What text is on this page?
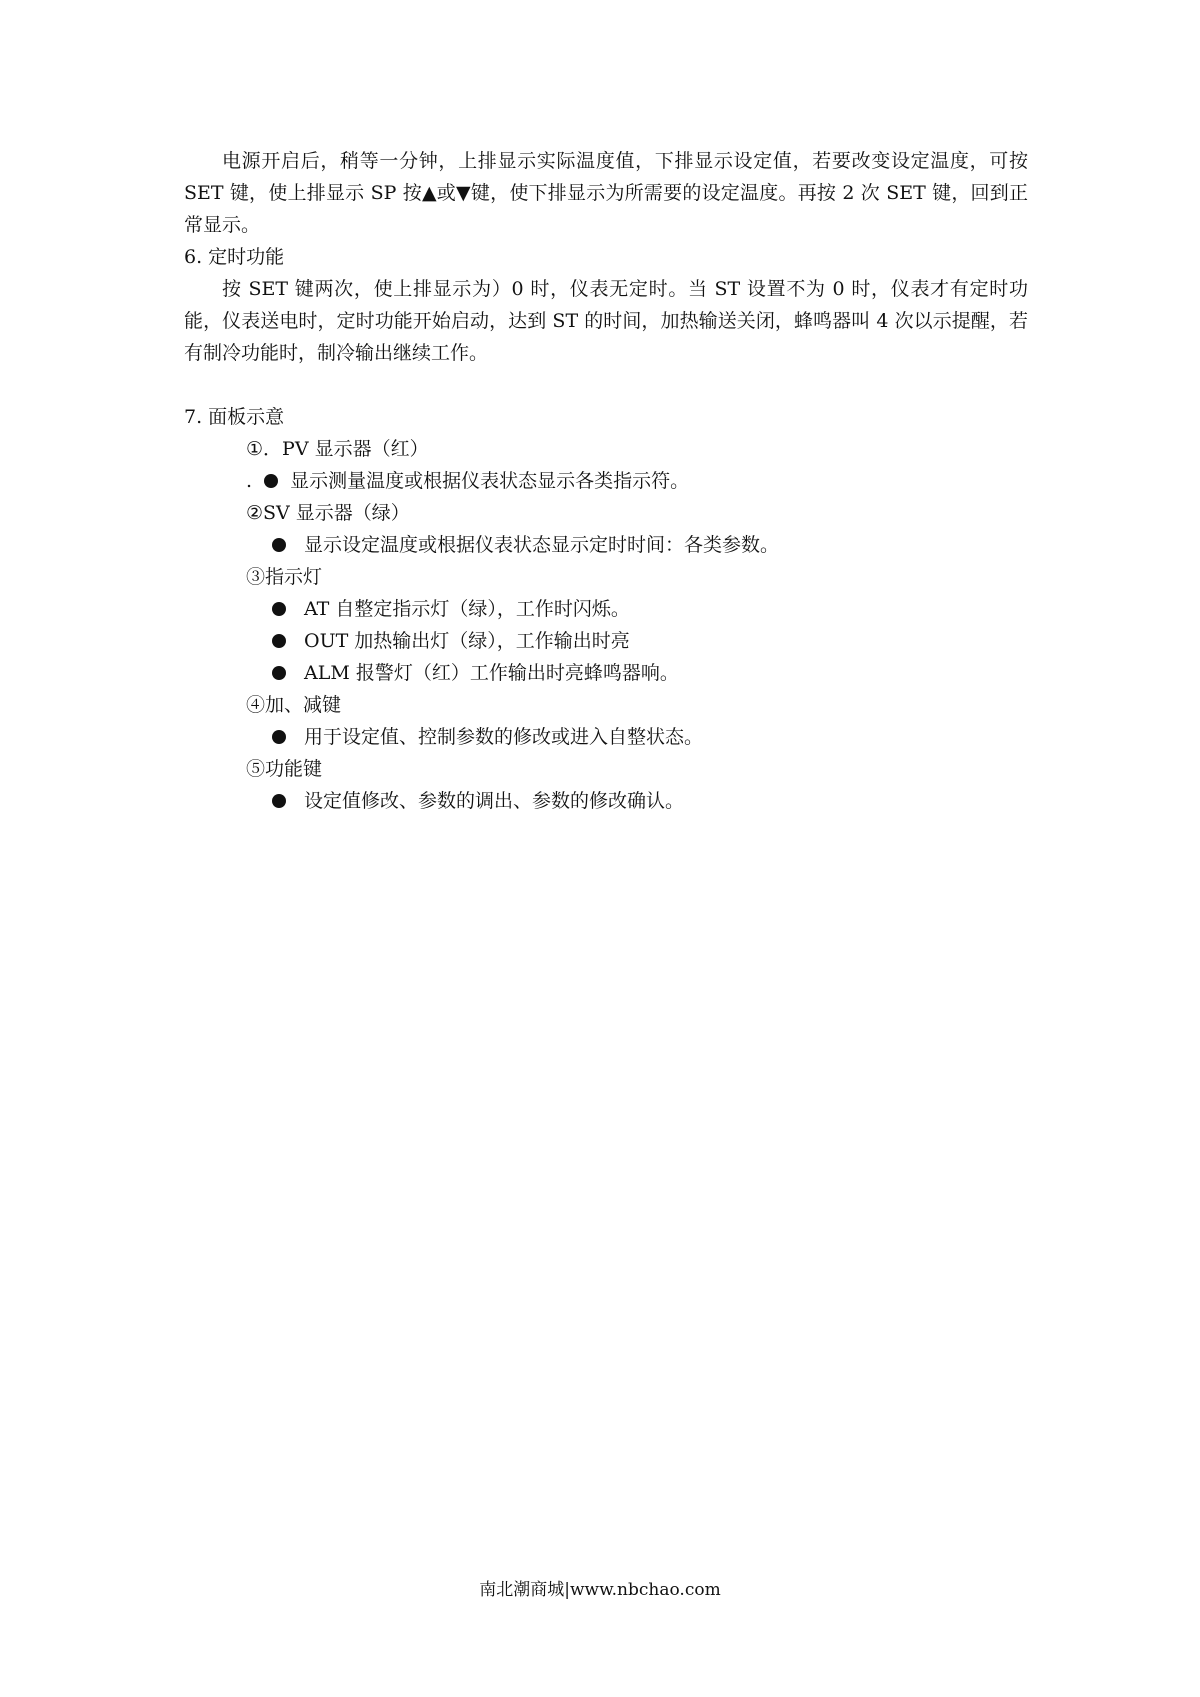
电源开启后，稍等一分钟，上排显示实际温度值，下排显示设定值，若要改变设定温度，可按 SET 键，使上排显示 SP 按▲或▼键，使下排显示为所需要的设定温度。再按 2 次 SET 键，回到正常显示。

6. 定时功能

按 SET 键两次，使上排显示为）0 时，仪表无定时。当 ST 设置不为 0 时，仪表才有定时功能，仪表送电时，定时功能开始启动，达到 ST 的时间，加热输送关闭，蜂鸣器叫 4 次以示提醒，若有制冷功能时，制冷输出继续工作。

7. 面板示意

①．PV 显示器（红）

. 显示测量温度或根据仪表状态显示各类指示符。

②SV 显示器（绿）

显示设定温度或根据仪表状态显示定时时间：各类参数。

③指示灯

AT 自整定指示灯（绿），工作时闪烁。

OUT 加热输出灯（绿），工作输出时亮

ALM 报警灯（红）工作输出时亮蜂鸣器响。

④加、减键

用于设定值、控制参数的修改或进入自整状态。

⑤功能键

设定值修改、参数的调出、参数的修改确认。

南北潮商城|www.nbchao.com
